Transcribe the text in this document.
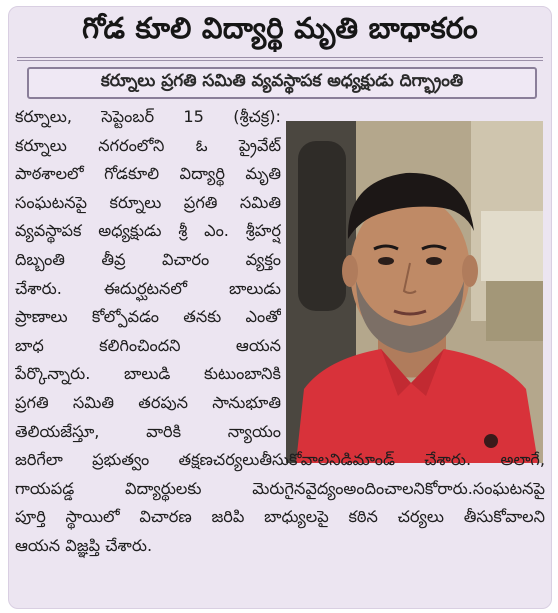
గోడ కూలి విద్యార్థి మృతి బాధాకరం
కర్నూలు ప్రగతి సమితి వ్యవస్థాపక అధ్యక్షుడు దిగ్భ్రాంతి
కర్నూలు, సెప్టెంబర్ 15 (శ్రీచక్ర):
కర్నూలు నగరంలోని ఓ ప్రైవేట్
పాఠశాలలో గోడకూలి విద్యార్థి మృతి
సంఘటనపై కర్నూలు ప్రగతి సమితి
వ్యవస్థాపక అధ్యక్షుడు శ్రీ ఎం. శ్రీహర్ష
దిబ్బంతి తీవ్ర విచారం వ్యక్తం
చేశారు. ఈదుర్ఘటనలో బాలుడు
ప్రాణాలు కోల్పోవడం తనకు ఎంతో
బాధ కలిగించిందని ఆయన
పేర్కొన్నారు. బాలుడి కుటుంబానికి
ప్రగతి సమితి తరపున సానుభూతి
తెలియజేస్తూ, వారికి న్యాయం
జరిగేలా ప్రభుత్వం తక్షణచర్యలుతీసుకోవాలనిడిమాండ్ చేశారు. అలాగే,
గాయపడ్డ విద్యార్థులకు మెరుగైనవైద్యంఅందించాలనికోరారు.సంఘటనపై
పూర్తి స్థాయిలో విచారణ జరిపి బాధ్యులపై కఠిన చర్యలు తీసుకోవాలని
ఆయన విజ్ఞప్తి చేశారు.
